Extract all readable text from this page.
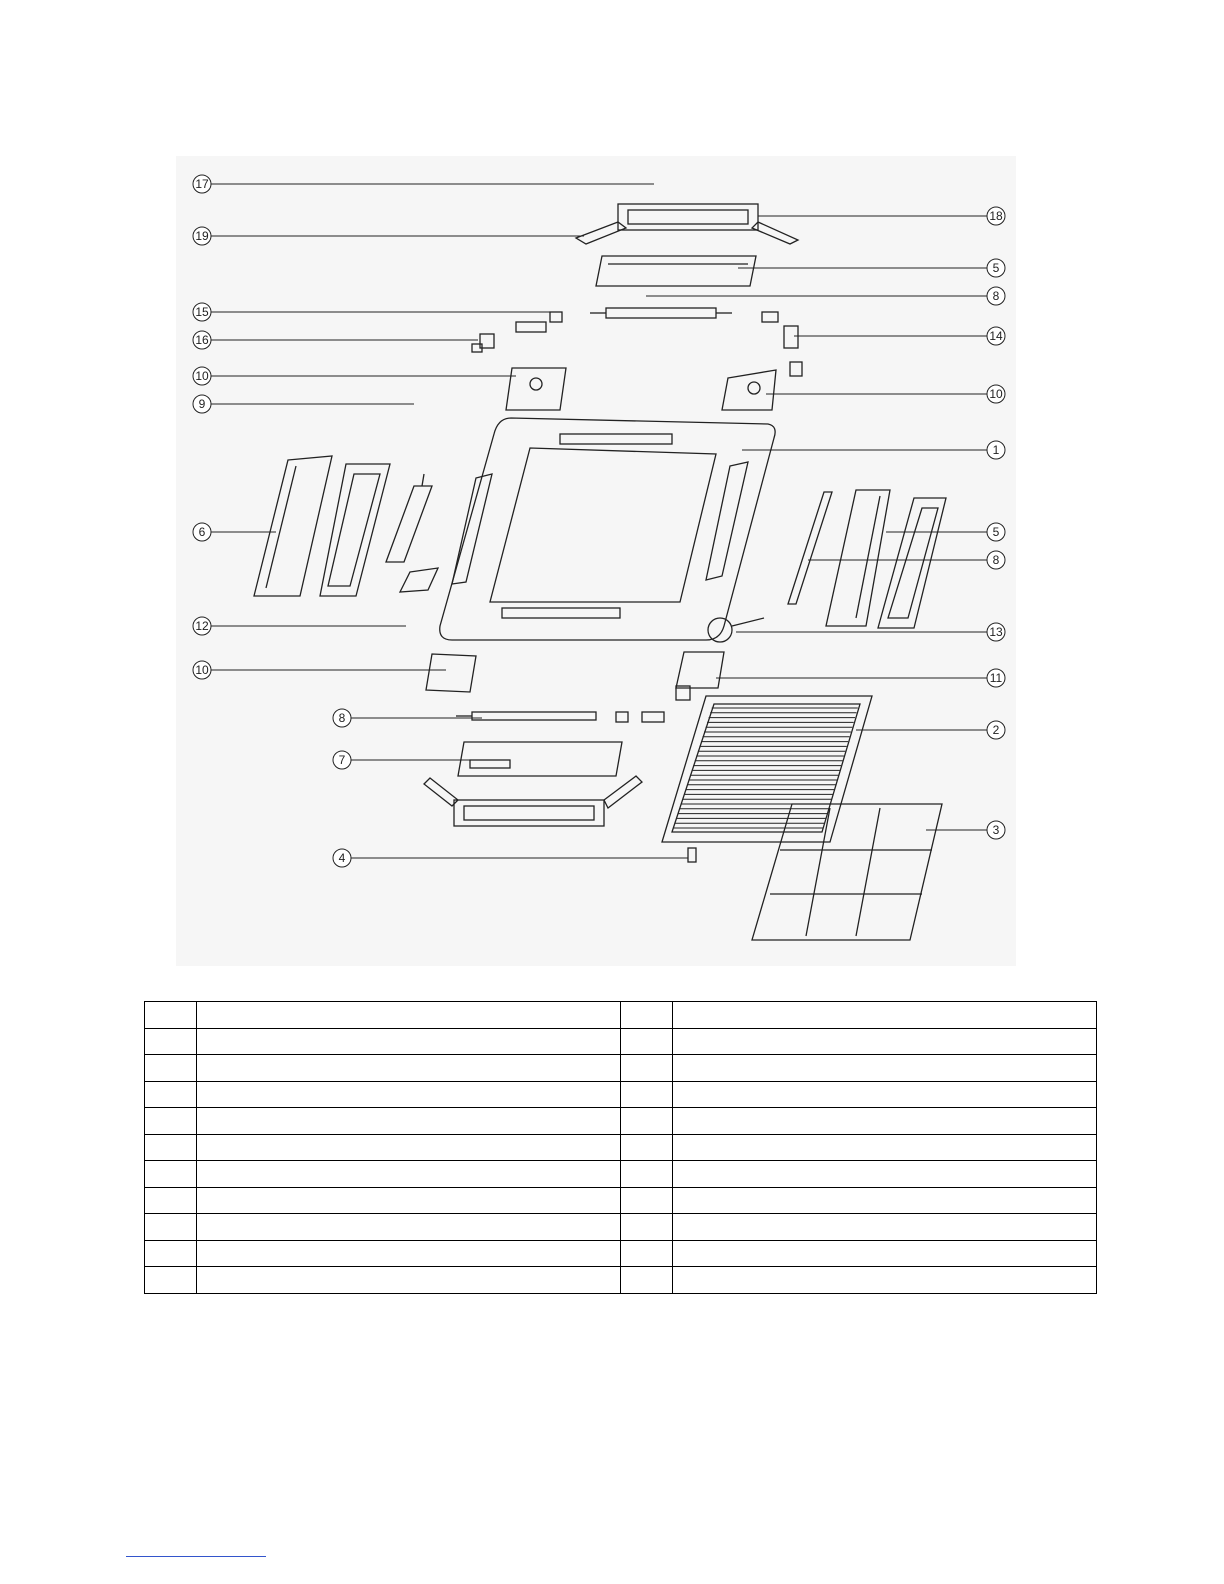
17
19
15
16
10
9
6
12
10
8
7
4
18
5
8
14
10
1
5
8
13
11
2
3
